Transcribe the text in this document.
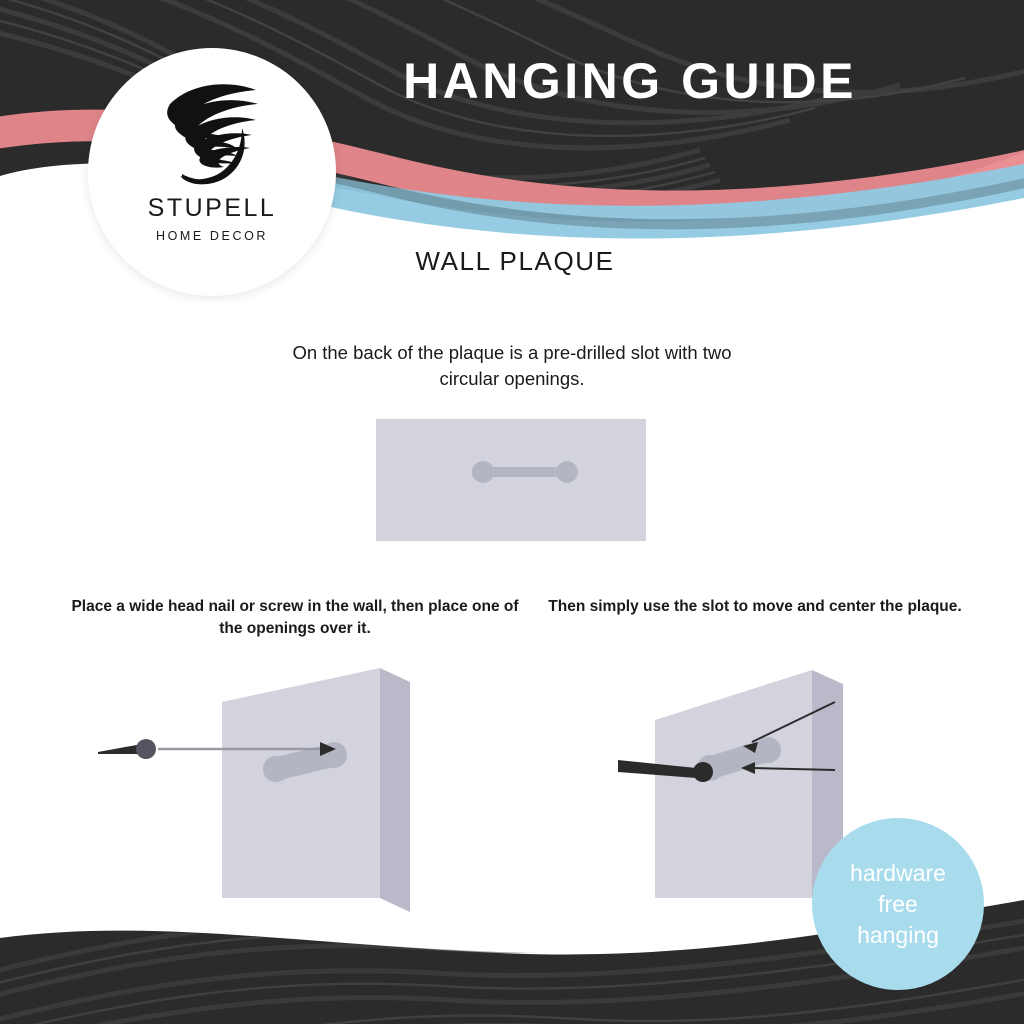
STUPELL
HOME DECOR
HANGING GUIDE
WALL PLAQUE
On the back of the plaque is a pre-drilled slot with two circular openings.
Place a wide head nail or screw in the wall, then place one of the openings over it.
Then simply use the slot to move and center the plaque.
hardware
free
hanging
